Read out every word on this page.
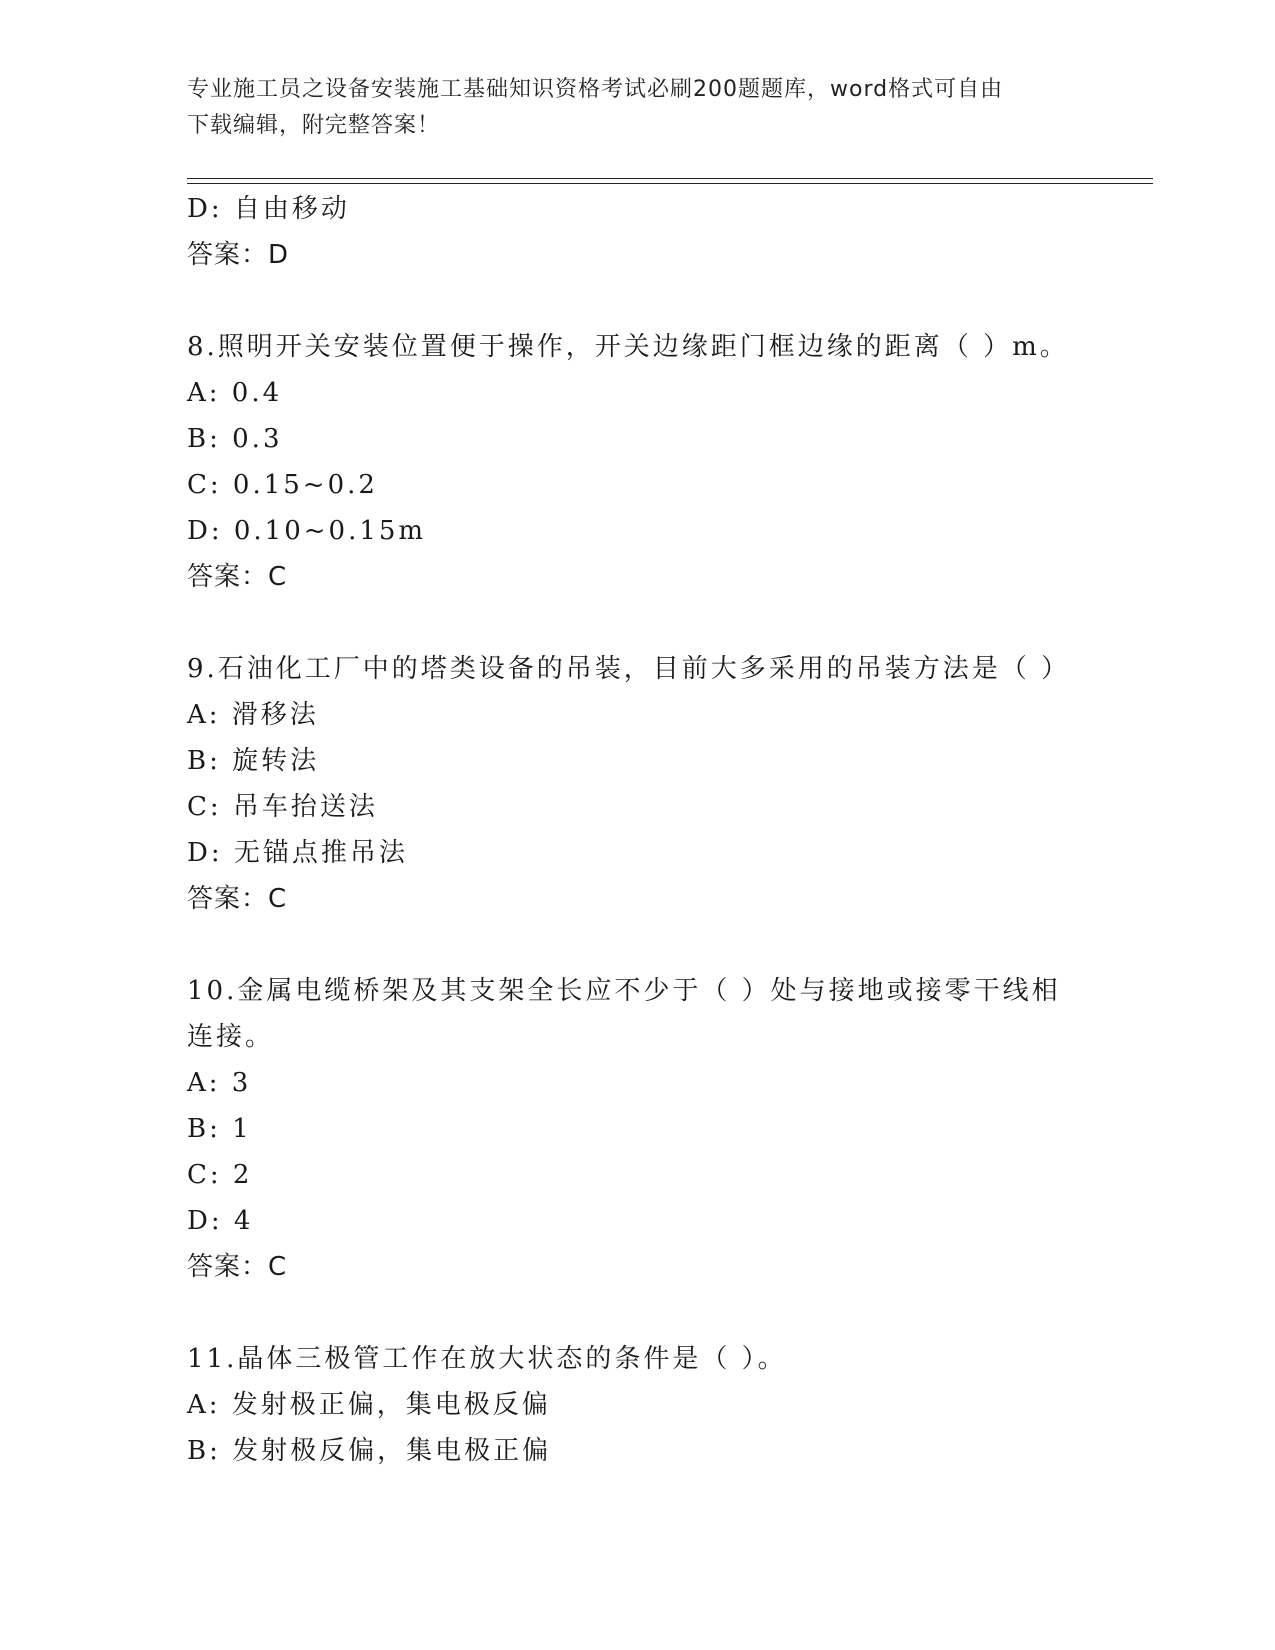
专业施工员之设备安装施工基础知识资格考试必刷200题题库，word格式可自由
下载编辑，附完整答案！
D: 自由移动
答案：D
8.照明开关安装位置便于操作，开关边缘距门框边缘的距离（ ）m。
A: 0.4
B: 0.3
C: 0.15~0.2
D: 0.10~0.15m
答案：C
9.石油化工厂中的塔类设备的吊装，目前大多采用的吊装方法是（ ）
A: 滑移法
B: 旋转法
C: 吊车抬送法
D: 无锚点推吊法
答案：C
10.金属电缆桥架及其支架全长应不少于（ ）处与接地或接零干线相
连接。
A: 3
B: 1
C: 2
D: 4
答案：C
11.晶体三极管工作在放大状态的条件是（ ）。
A: 发射极正偏，集电极反偏
B: 发射极反偏，集电极正偏
